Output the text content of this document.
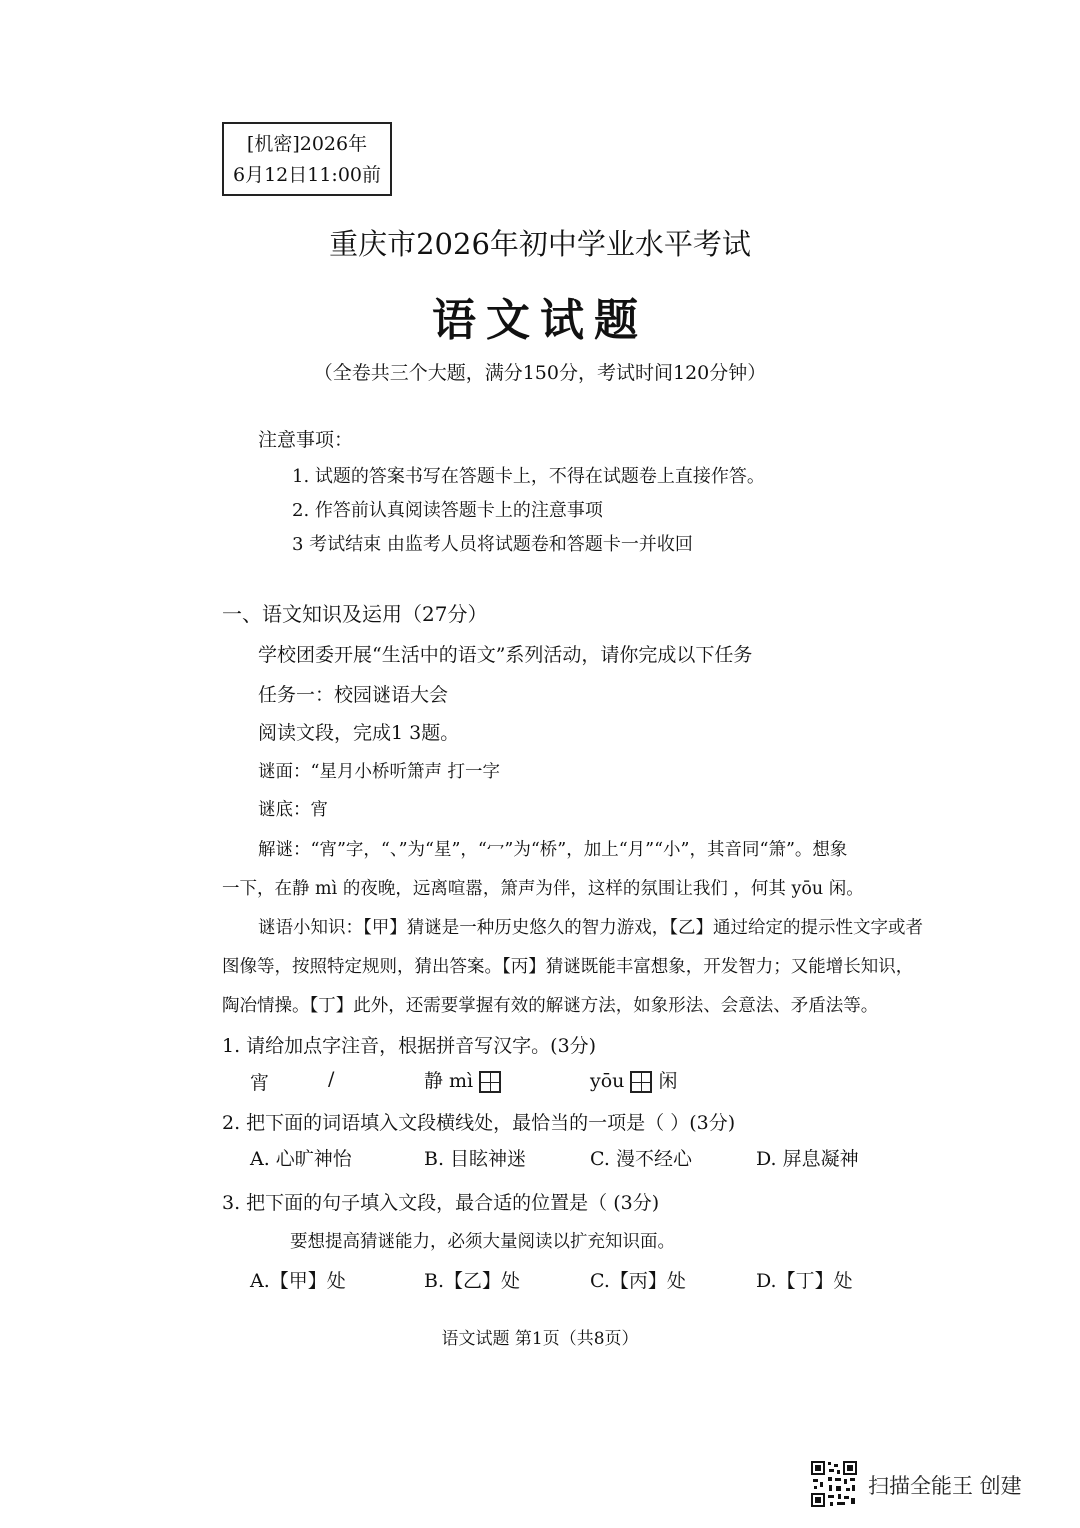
[机密]2026年
6月12日11:00前
重庆市2026年初中学业水平考试
语文试题
（全卷共三个大题，满分150分，考试时间120分钟）
注意事项：
1. 试题的答案书写在答题卡上，不得在试题卷上直接作答。
2. 作答前认真阅读答题卡上的注意事项
3 考试结束 由监考人员将试题卷和答题卡一并收回
一、语文知识及运用（27分）
学校团委开展“生活中的语文”系列活动，请你完成以下任务
任务一：校园谜语大会
阅读文段，完成1 3题。
谜面：“星月小桥听箫声 打一字
谜底：宵
解谜：“宵”字，“、”为“星”，“冖”为“桥”，加上“月”“小”，其音同“箫”。想象
一下，在静 mì 的夜晚，远离喧嚣，箫声为伴，这样的氛围让我们 ，何其 yōu 闲。
谜语小知识：【甲】猜谜是一种历史悠久的智力游戏，【乙】通过给定的提示性文字或者
图像等，按照特定规则，猜出答案。【丙】猜谜既能丰富想象，开发智力；又能增长知识，
陶冶情操。【丁】此外，还需要掌握有效的解谜方法，如象形法、会意法、矛盾法等。
1. 请给加点字注音，根据拼音写汉字。(3分)
宵	/	静 mì	yōu 闲
2. 把下面的词语填入文段横线处，最恰当的一项是（ ）(3分)
A. 心旷神怡	B. 目眩神迷	C. 漫不经心	D. 屏息凝神
3. 把下面的句子填入文段，最合适的位置是（ (3分)
要想提高猜谜能力，必须大量阅读以扩充知识面。
A.【甲】处	B.【乙】处	C.【丙】处	D.【丁】处
语文试题 第1页（共8页）
扫描全能王 创建
